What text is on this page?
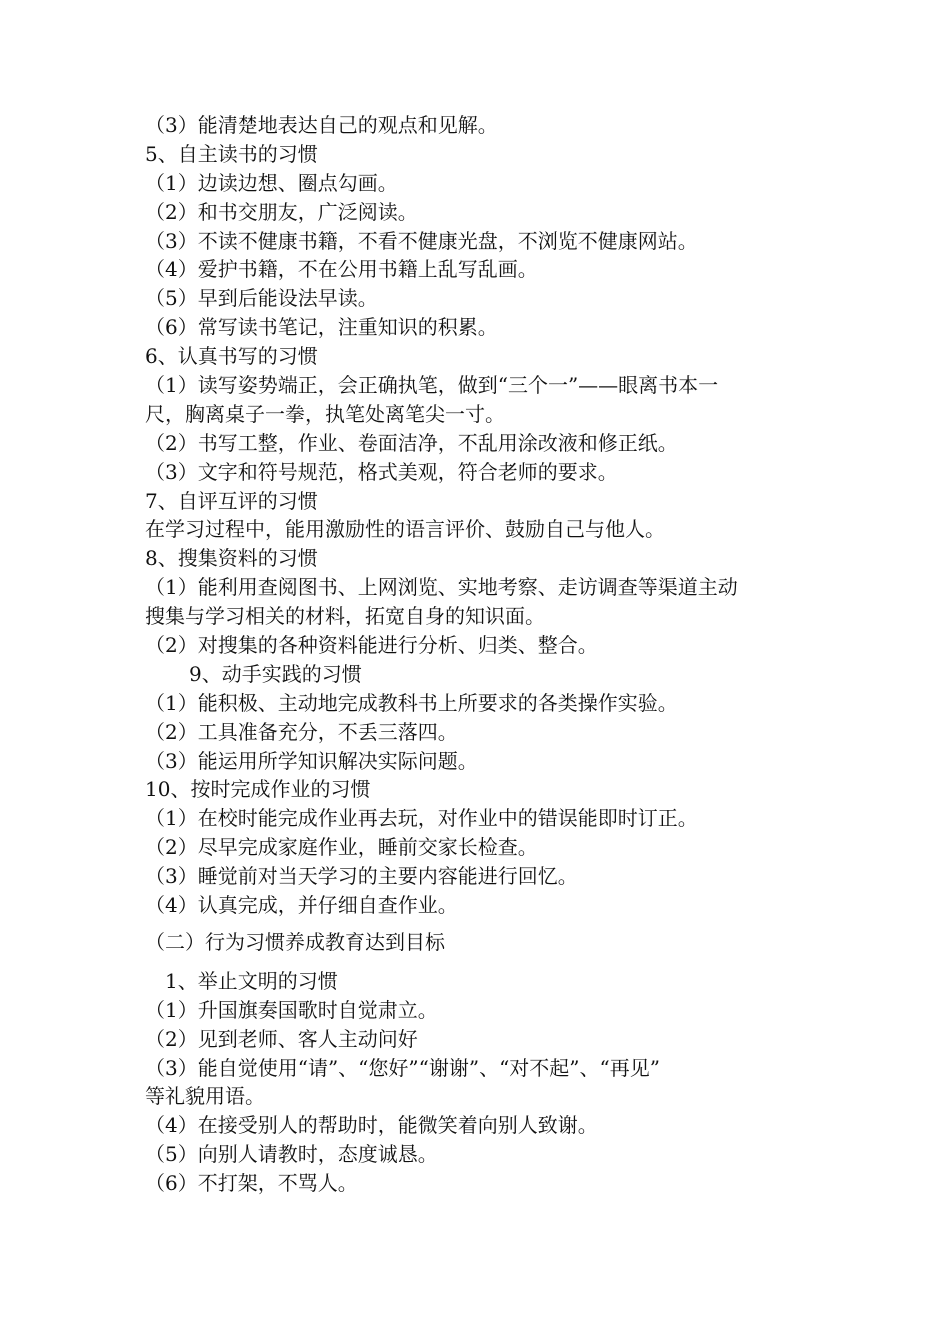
（3）能清楚地表达自己的观点和见解。
5、自主读书的习惯
（1）边读边想、圈点勾画。
（2）和书交朋友，广泛阅读。
（3）不读不健康书籍，不看不健康光盘，不浏览不健康网站。
（4）爱护书籍，不在公用书籍上乱写乱画。
（5）早到后能设法早读。
（6）常写读书笔记，注重知识的积累。
6、认真书写的习惯
（1）读写姿势端正，会正确执笔，做到“三个一”——眼离书本一
尺，胸离桌子一拳，执笔处离笔尖一寸。
（2）书写工整，作业、卷面洁净，不乱用涂改液和修正纸。
（3）文字和符号规范，格式美观，符合老师的要求。
7、自评互评的习惯
在学习过程中，能用激励性的语言评价、鼓励自己与他人。
8、搜集资料的习惯
（1）能利用查阅图书、上网浏览、实地考察、走访调查等渠道主动
搜集与学习相关的材料，拓宽自身的知识面。
（2）对搜集的各种资料能进行分析、归类、整合。
9、动手实践的习惯
（1）能积极、主动地完成教科书上所要求的各类操作实验。
（2）工具准备充分，不丢三落四。
（3）能运用所学知识解决实际问题。
10、按时完成作业的习惯
（1）在校时能完成作业再去玩，对作业中的错误能即时订正。
（2）尽早完成家庭作业，睡前交家长检查。
（3）睡觉前对当天学习的主要内容能进行回忆。
（4）认真完成，并仔细自查作业。
（二）行为习惯养成教育达到目标
1、举止文明的习惯
（1）升国旗奏国歌时自觉肃立。
（2）见到老师、客人主动问好
（3）能自觉使用“请”、“您好”“谢谢”、“对不起”、“再见”
等礼貌用语。
（4）在接受别人的帮助时，能微笑着向别人致谢。
（5）向别人请教时，态度诚恳。
（6）不打架，不骂人。
